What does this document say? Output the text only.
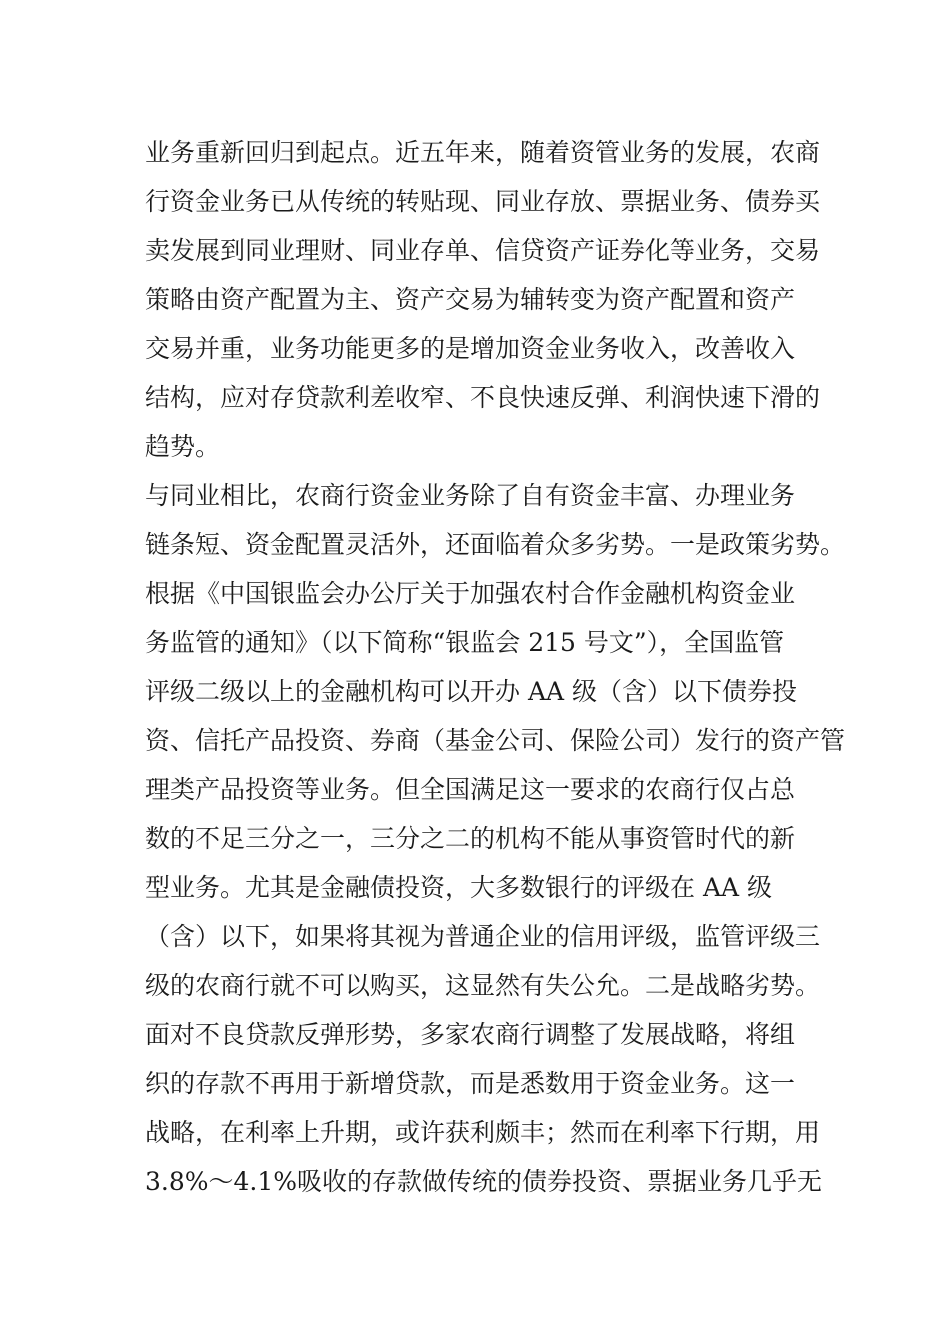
业务重新回归到起点。近五年来，随着资管业务的发展，农商
行资金业务已从传统的转贴现、同业存放、票据业务、债券买
卖发展到同业理财、同业存单、信贷资产证券化等业务，交易
策略由资产配置为主、资产交易为辅转变为资产配置和资产
交易并重，业务功能更多的是增加资金业务收入，改善收入
结构，应对存贷款利差收窄、不良快速反弹、利润快速下滑的
趋势。
与同业相比，农商行资金业务除了自有资金丰富、办理业务
链条短、资金配置灵活外，还面临着众多劣势。一是政策劣势。
根据《中国银监会办公厅关于加强农村合作金融机构资金业
务监管的通知》（以下简称“银监会 215 号文”），全国监管
评级二级以上的金融机构可以开办 AA 级（含）以下债券投
资、信托产品投资、券商（基金公司、保险公司）发行的资产管
理类产品投资等业务。但全国满足这一要求的农商行仅占总
数的不足三分之一，三分之二的机构不能从事资管时代的新
型业务。尤其是金融债投资，大多数银行的评级在 AA 级
（含）以下，如果将其视为普通企业的信用评级，监管评级三
级的农商行就不可以购买，这显然有失公允。二是战略劣势。
面对不良贷款反弹形势，多家农商行调整了发展战略，将组
织的存款不再用于新增贷款，而是悉数用于资金业务。这一
战略，在利率上升期，或许获利颇丰；然而在利率下行期，用
3.8%～4.1%吸收的存款做传统的债券投资、票据业务几乎无
